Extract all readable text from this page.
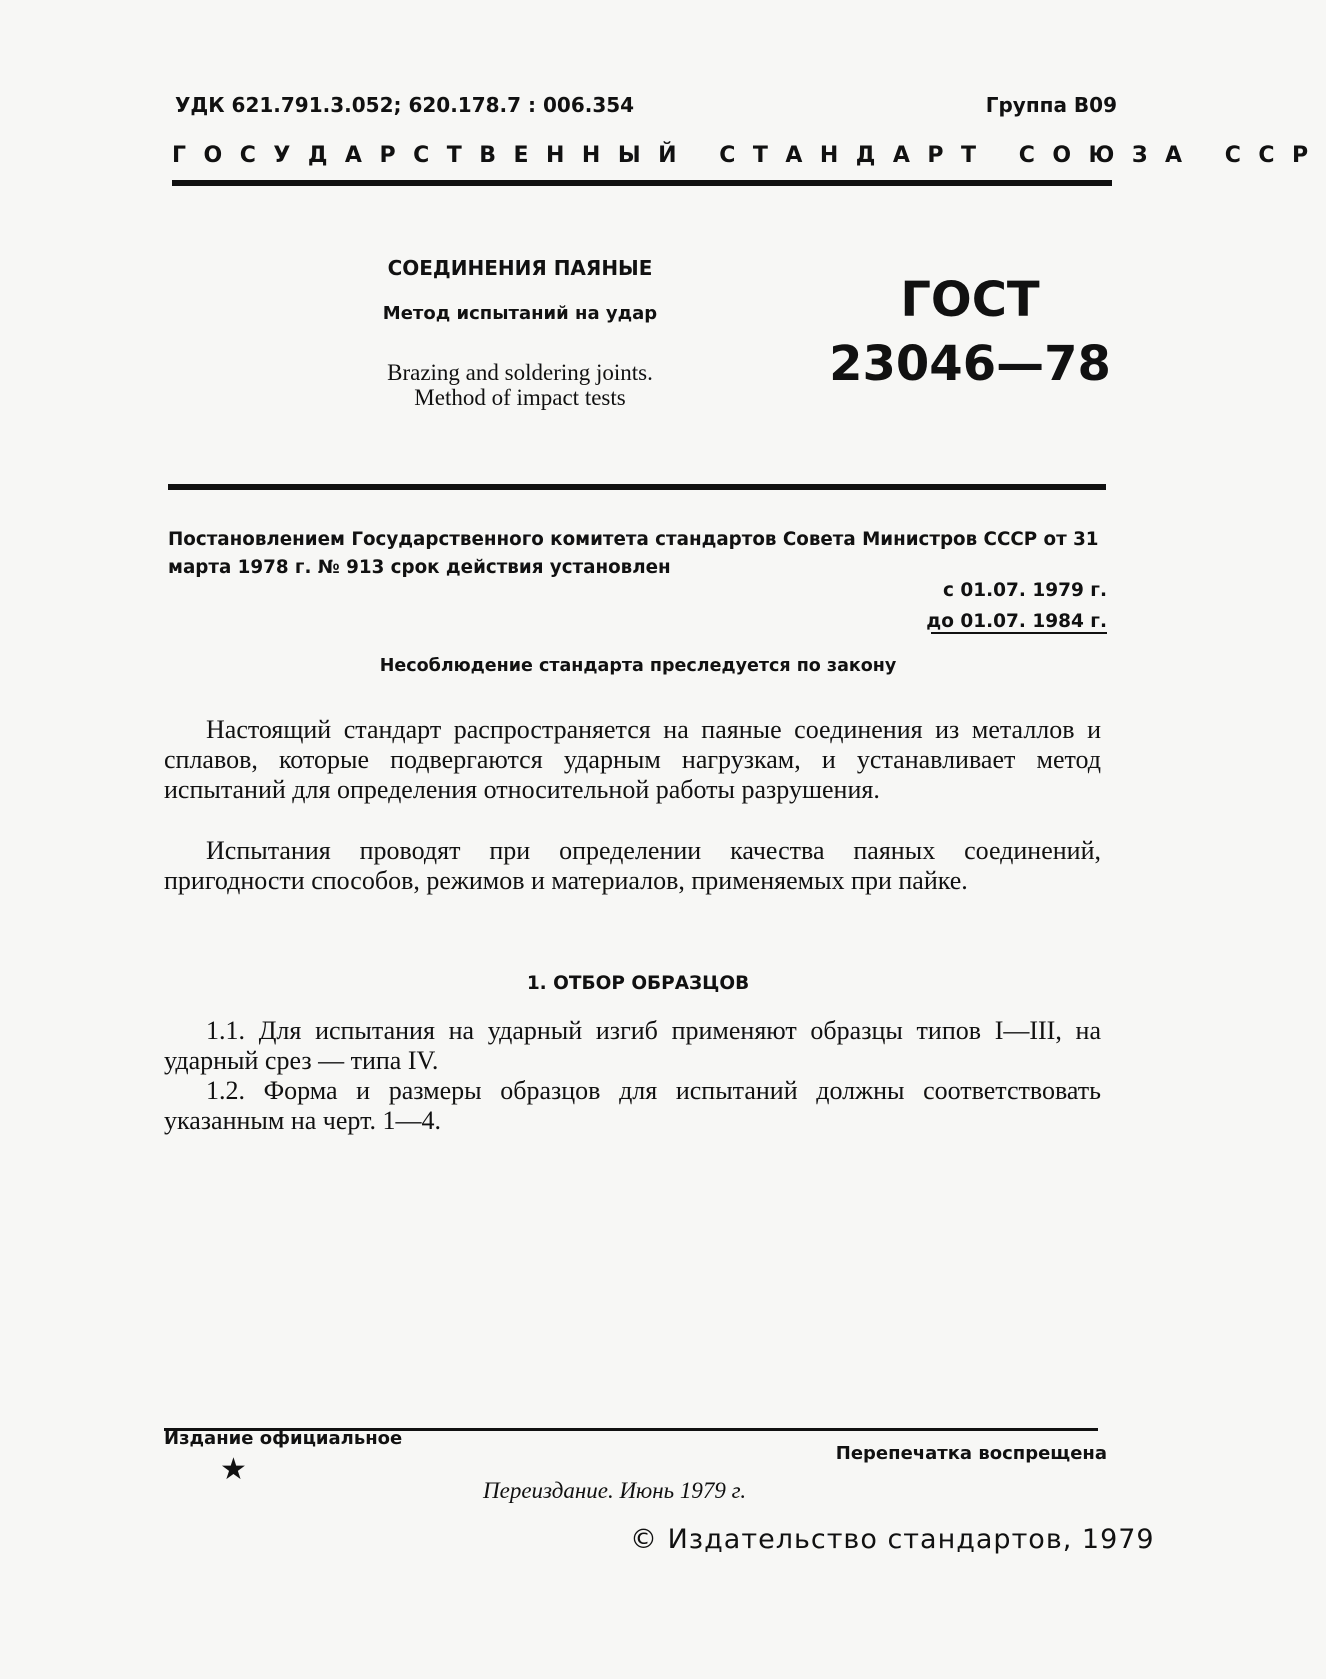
УДК 621.791.3.052; 620.178.7 : 006.354	Группа В09
ГОСУДАРСТВЕННЫЙ СТАНДАРТ СОЮЗА ССР
СОЕДИНЕНИЯ ПАЯНЫЕ
Метод испытаний на удар
Brazing and soldering joints.
Method of impact tests
ГОСТ
23046—78
Постановлением Государственного комитета стандартов Совета Министров СССР от 31 марта 1978 г. № 913 срок действия установлен
с 01.07. 1979 г.
до 01.07. 1984 г.
Несоблюдение стандарта преследуется по закону
Настоящий стандарт распространяется на паяные соединения из металлов и сплавов, которые подвергаются ударным нагрузкам, и устанавливает метод испытаний для определения относительной работы разрушения.
Испытания проводят при определении качества паяных соединений, пригодности способов, режимов и материалов, применяемых при пайке.
1. ОТБОР ОБРАЗЦОВ
1.1. Для испытания на ударный изгиб применяют образцы типов I—III, на ударный срез — типа IV.
1.2. Форма и размеры образцов для испытаний должны соответствовать указанным на черт. 1—4.
Издание официальное
★	Перепечатка воспрещена
Переиздание. Июнь 1979 г.
© Издательство стандартов, 1979
